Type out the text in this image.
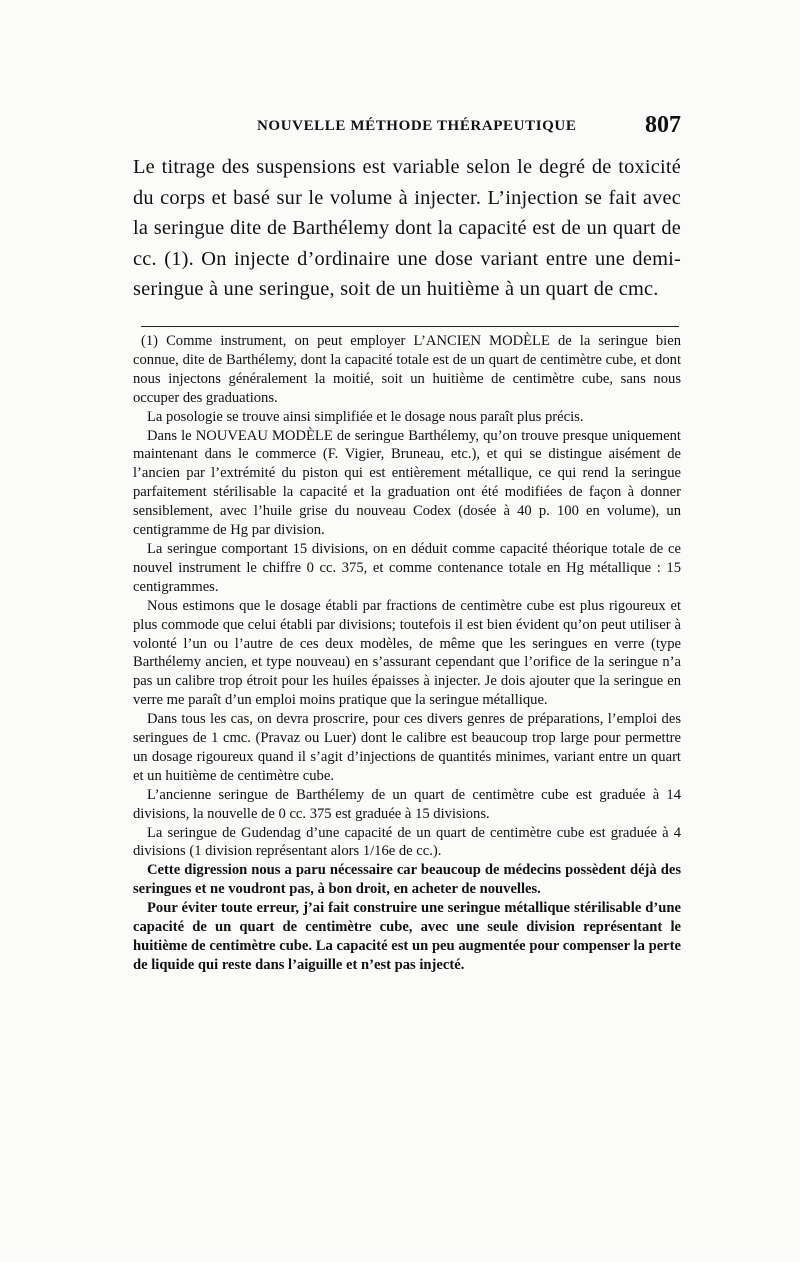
NOUVELLE MÉTHODE THÉRAPEUTIQUE	807

Le titrage des suspensions est variable selon le degré de toxicité du corps et basé sur le volume à injecter. L’injection se fait avec la seringue dite de Barthélemy dont la capacité est de un quart de cc. (1). On injecte d’ordinaire une dose variant entre une demi-seringue à une seringue, soit de un huitième à un quart de cmc.

(1) Comme instrument, on peut employer L’ANCIEN MODÈLE de la seringue bien connue, dite de Barthélemy, dont la capacité totale est de un quart de centimètre cube, et dont nous injectons généralement la moitié, soit un huitième de centimètre cube, sans nous occuper des graduations.

La posologie se trouve ainsi simplifiée et le dosage nous paraît plus précis.

Dans le NOUVEAU MODÈLE de seringue Barthélemy, qu’on trouve presque uniquement maintenant dans le commerce (F. Vigier, Bruneau, etc.), et qui se distingue aisément de l’ancien par l’extrémité du piston qui est entièrement métallique, ce qui rend la seringue parfaitement stérilisable la capacité et la graduation ont été modifiées de façon à donner sensiblement, avec l’huile grise du nouveau Codex (dosée à 40 p. 100 en volume), un centigramme de Hg par division.

La seringue comportant 15 divisions, on en déduit comme capacité théorique totale de ce nouvel instrument le chiffre 0 cc. 375, et comme contenance totale en Hg métallique : 15 centigrammes.

Nous estimons que le dosage établi par fractions de centimètre cube est plus rigoureux et plus commode que celui établi par divisions; toutefois il est bien évident qu’on peut utiliser à volonté l’un ou l’autre de ces deux modèles, de même que les seringues en verre (type Barthélemy ancien, et type nouveau) en s’assurant cependant que l’orifice de la seringue n’a pas un calibre trop étroit pour les huiles épaisses à injecter. Je dois ajouter que la seringue en verre me paraît d’un emploi moins pratique que la seringue métallique.

Dans tous les cas, on devra proscrire, pour ces divers genres de préparations, l’emploi des seringues de 1 cmc. (Pravaz ou Luer) dont le calibre est beaucoup trop large pour permettre un dosage rigoureux quand il s’agit d’injections de quantités minimes, variant entre un quart et un huitième de centimètre cube.

L’ancienne seringue de Barthélemy de un quart de centimètre cube est graduée à 14 divisions, la nouvelle de 0 cc. 375 est graduée à 15 divisions.

La seringue de Gudendag d’une capacité de un quart de centimètre cube est graduée à 4 divisions (1 division représentant alors 1/16e de cc.).

Cette digression nous a paru nécessaire car beaucoup de médecins possèdent déjà des seringues et ne voudront pas, à bon droit, en acheter de nouvelles.

Pour éviter toute erreur, j’ai fait construire une seringue métallique stérilisable d’une capacité de un quart de centimètre cube, avec une seule division représentant le huitième de centimètre cube. La capacité est un peu augmentée pour compenser la perte de liquide qui reste dans l’aiguille et n’est pas injecté.
